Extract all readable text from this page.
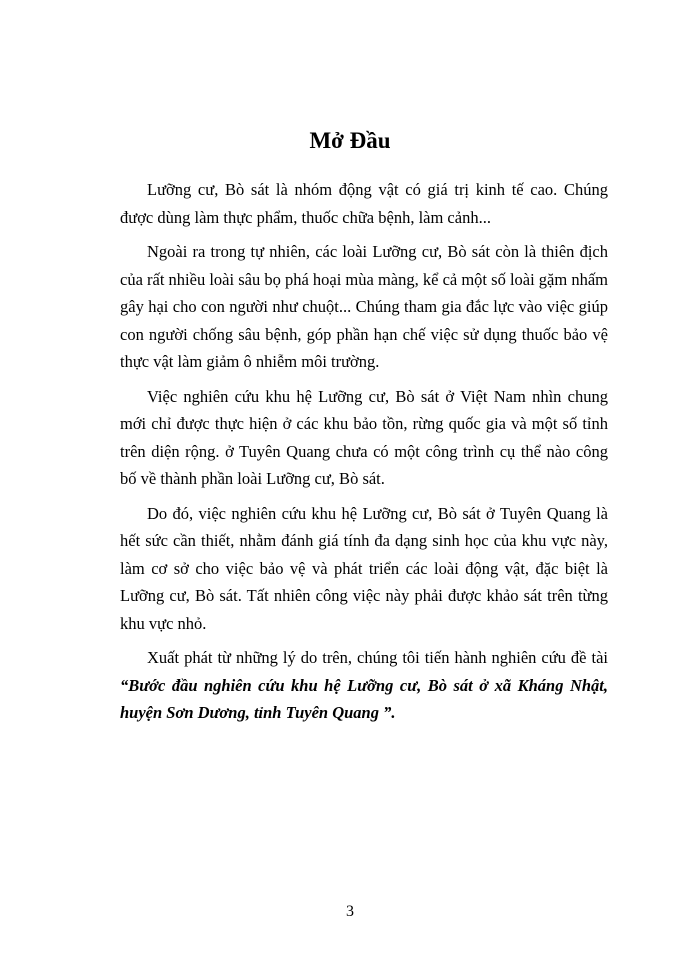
Mở Đầu

Lưỡng cư, Bò sát là nhóm động vật có giá trị kinh tế cao. Chúng được dùng làm thực phẩm, thuốc chữa bệnh, làm cảnh...

Ngoài ra trong tự nhiên, các loài Lưỡng cư, Bò sát còn là thiên địch của rất nhiều loài sâu bọ phá hoại mùa màng, kể cả một số loài gặm nhấm gây hại cho con người như chuột... Chúng tham gia đắc lực vào việc giúp con người chống sâu bệnh, góp phần hạn chế việc sử dụng thuốc bảo vệ thực vật làm giảm ô nhiễm môi trường.

Việc nghiên cứu khu hệ Lưỡng cư, Bò sát ở Việt Nam nhìn chung mới chỉ được thực hiện ở các khu bảo tồn, rừng quốc gia và một số tỉnh trên diện rộng. ở Tuyên Quang chưa có một công trình cụ thể nào công bố về thành phần loài Lưỡng cư, Bò sát.

Do đó, việc nghiên cứu khu hệ Lưỡng cư, Bò sát ở Tuyên Quang là hết sức cần thiết, nhằm đánh giá tính đa dạng sinh học của khu vực này, làm cơ sở cho việc bảo vệ và phát triển các loài động vật, đặc biệt là Lưỡng cư, Bò sát. Tất nhiên công việc này phải được khảo sát trên từng khu vực nhỏ.

Xuất phát từ những lý do trên, chúng tôi tiến hành nghiên cứu đề tài “Bước đầu nghiên cứu khu hệ Lưỡng cư, Bò sát ở xã Kháng Nhật, huyện Sơn Dương, tỉnh Tuyên Quang ”.

3
